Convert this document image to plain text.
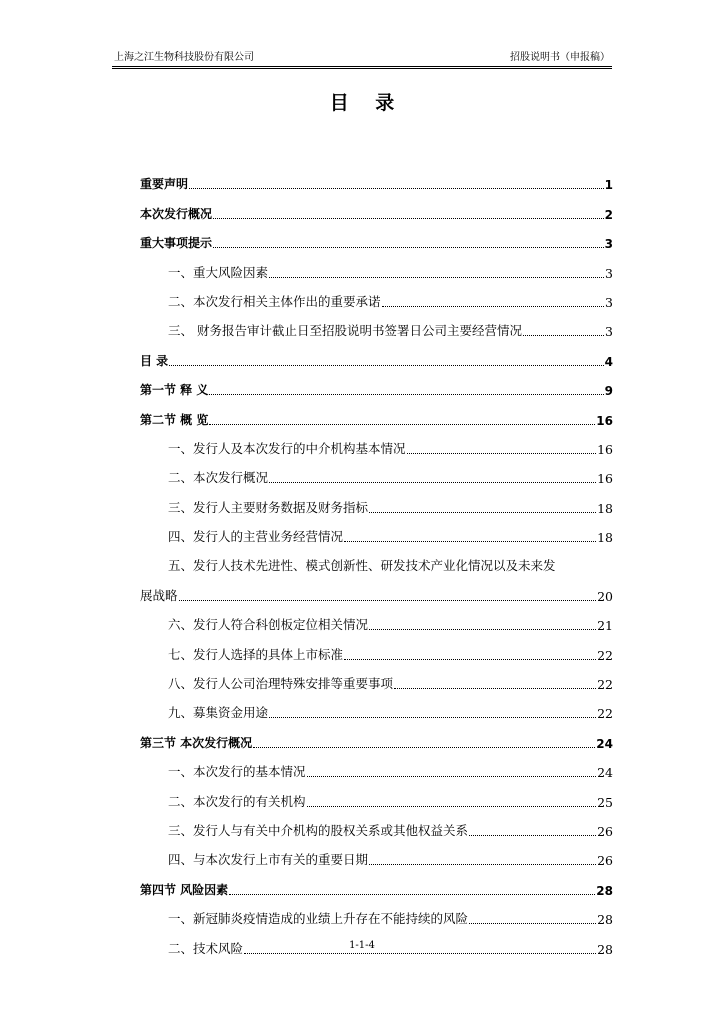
上海之江生物科技股份有限公司	招股说明书（申报稿）
目 录
重要声明	1
本次发行概况	2
重大事项提示	3
一、重大风险因素	3
二、本次发行相关主体作出的重要承诺	3
三、 财务报告审计截止日至招股说明书签署日公司主要经营情况	3
目 录	4
第一节 释 义	9
第二节 概 览	16
一、发行人及本次发行的中介机构基本情况	16
二、本次发行概况	16
三、发行人主要财务数据及财务指标	18
四、发行人的主营业务经营情况	18
五、发行人技术先进性、模式创新性、研发技术产业化情况以及未来发
展战略	20
六、发行人符合科创板定位相关情况	21
七、发行人选择的具体上市标准	22
八、发行人公司治理特殊安排等重要事项	22
九、募集资金用途	22
第三节 本次发行概况	24
一、本次发行的基本情况	24
二、本次发行的有关机构	25
三、发行人与有关中介机构的股权关系或其他权益关系	26
四、与本次发行上市有关的重要日期	26
第四节 风险因素	28
一、新冠肺炎疫情造成的业绩上升存在不能持续的风险	28
二、技术风险	28
1-1-4
